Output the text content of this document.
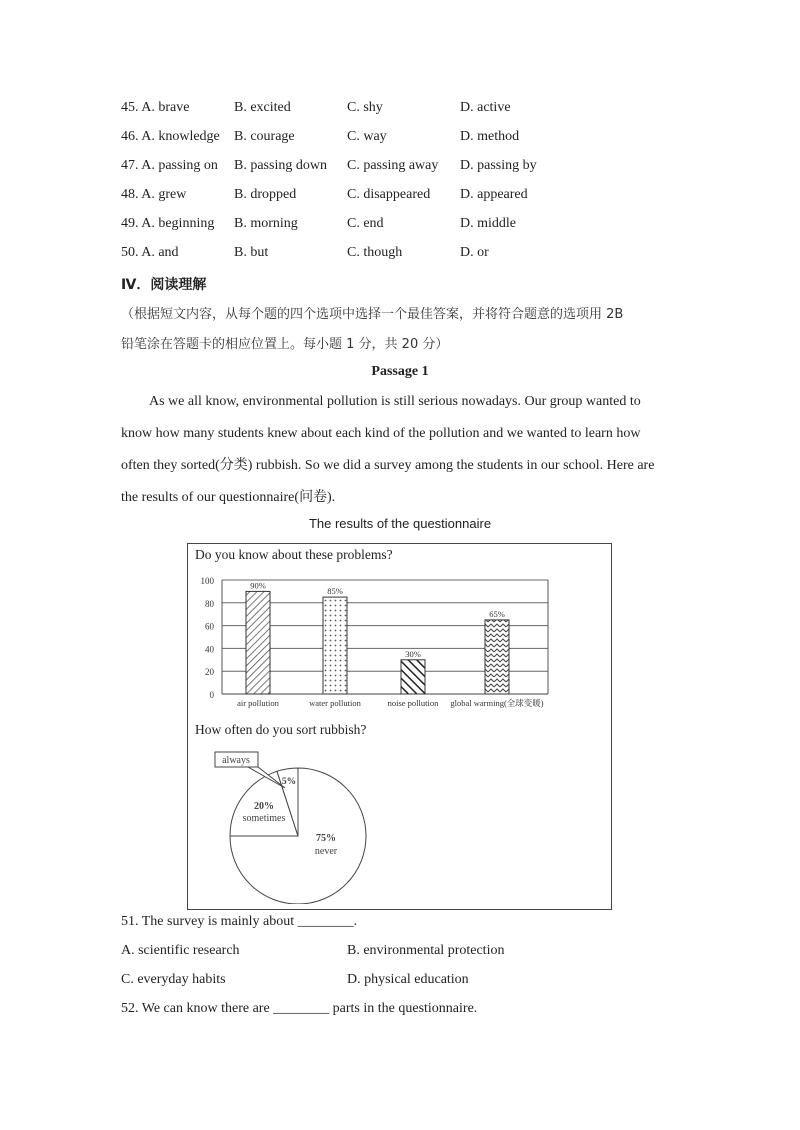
45. A. brave	B. excited	C. shy	D. active
46. A. knowledge B. courage	C. way	D. method
47. A. passing on B. passing down C. passing away D. passing by
48. A. grew	B. dropped	C. disappeared D. appeared
49. A. beginning B. morning	C. end	D. middle
50. A. and	B. but	C. though	D. or
Ⅳ．阅读理解
（根据短文内容，从每个题的四个选项中选择一个最佳答案，并将符合题意的选项用 2B
铅笔涂在答题卡的相应位置上。每小题 1 分，共 20 分）
Passage 1
As we all know, environmental pollution is still serious nowadays. Our group wanted to
know how many students knew about each kind of the pollution and we wanted to learn how
often they sorted(分类) rubbish. So we did a survey among the students in our school. Here are
the results of our questionnaire(问卷).
The results of the questionnaire
Do you know about these problems?
0
20
40
60
80
100	90%
85%
30%
65%
air pollution	water pollution	noise pollution global warming(全球变暖)
How often do you sort rubbish?
75%
never
20%
sometimes
5%
always
51. The survey is mainly about ________.
A. scientific research	B. environmental protection
C. everyday habits	D. physical education
52. We can know there are ________ parts in the questionnaire.
